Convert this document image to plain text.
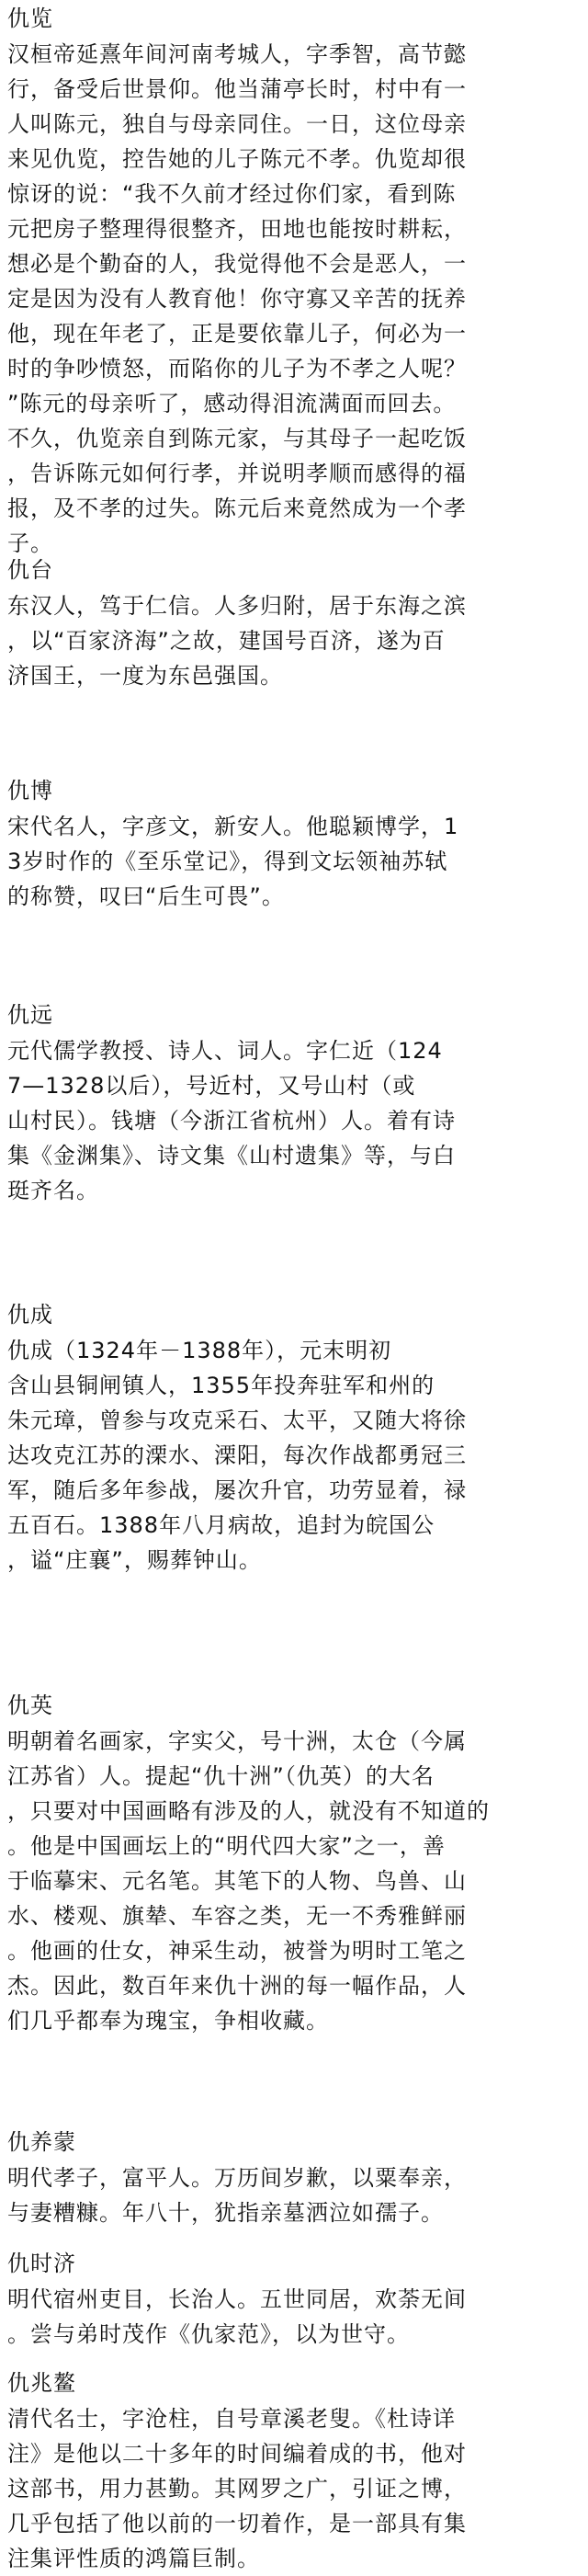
仇览
汉桓帝延熹年间河南考城人，字季智，高节懿
行，备受后世景仰。他当蒲亭长时，村中有一
人叫陈元，独自与母亲同住。一日，这位母亲
来见仇览，控告她的儿子陈元不孝。仇览却很
惊讶的说：“我不久前才经过你们家，看到陈
元把房子整理得很整齐，田地也能按时耕耘，
想必是个勤奋的人，我觉得他不会是恶人，一
定是因为没有人教育他！你守寡又辛苦的抚养
他，现在年老了，正是要依靠儿子，何必为一
时的争吵愤怒，而陷你的儿子为不孝之人呢？
”陈元的母亲听了，感动得泪流满面而回去。
不久，仇览亲自到陈元家，与其母子一起吃饭
，告诉陈元如何行孝，并说明孝顺而感得的福
报，及不孝的过失。陈元后来竟然成为一个孝
子。
仇台
东汉人，笃于仁信。人多归附，居于东海之滨
，以“百家济海”之故，建国号百济，遂为百
济国王，一度为东邑强国。
仇博
宋代名人，字彦文，新安人。他聪颖博学，1
3岁时作的《至乐堂记》，得到文坛领袖苏轼
的称赞，叹曰“后生可畏”。
仇远
元代儒学教授、诗人、词人。字仁近（124
7—1328以后），号近村，又号山村（或
山村民）。钱塘（今浙江省杭州）人。着有诗
集《金渊集》、诗文集《山村遗集》等，与白
珽齐名。
仇成
仇成（1324年－1388年），元末明初
含山县铜闸镇人，1355年投奔驻军和州的
朱元璋，曾参与攻克采石、太平，又随大将徐
达攻克江苏的溧水、溧阳，每次作战都勇冠三
军，随后多年参战，屡次升官，功劳显着，禄
五百石。1388年八月病故，追封为皖国公
，谥“庄襄”，赐葬钟山。
仇英
明朝着名画家，字实父，号十洲，太仓（今属
江苏省）人。提起“仇十洲”（仇英）的大名
，只要对中国画略有涉及的人，就没有不知道的
。他是中国画坛上的“明代四大家”之一，善
于临摹宋、元名笔。其笔下的人物、鸟兽、山
水、楼观、旗辇、车容之类，无一不秀雅鲜丽
。他画的仕女，神采生动，被誉为明时工笔之
杰。因此，数百年来仇十洲的每一幅作品，人
们几乎都奉为瑰宝，争相收藏。
仇养蒙
明代孝子，富平人。万历间岁歉，以粟奉亲，
与妻糟糠。年八十，犹指亲墓洒泣如孺子。
仇时济
明代宿州吏目，长治人。五世同居，欢荼无间
。尝与弟时茂作《仇家范》，以为世守。
仇兆鳌
清代名士，字沧柱，自号章溪老叟。《杜诗详
注》是他以二十多年的时间编着成的书，他对
这部书，用力甚勤。其网罗之广，引证之博，
几乎包括了他以前的一切着作，是一部具有集
注集评性质的鸿篇巨制。
